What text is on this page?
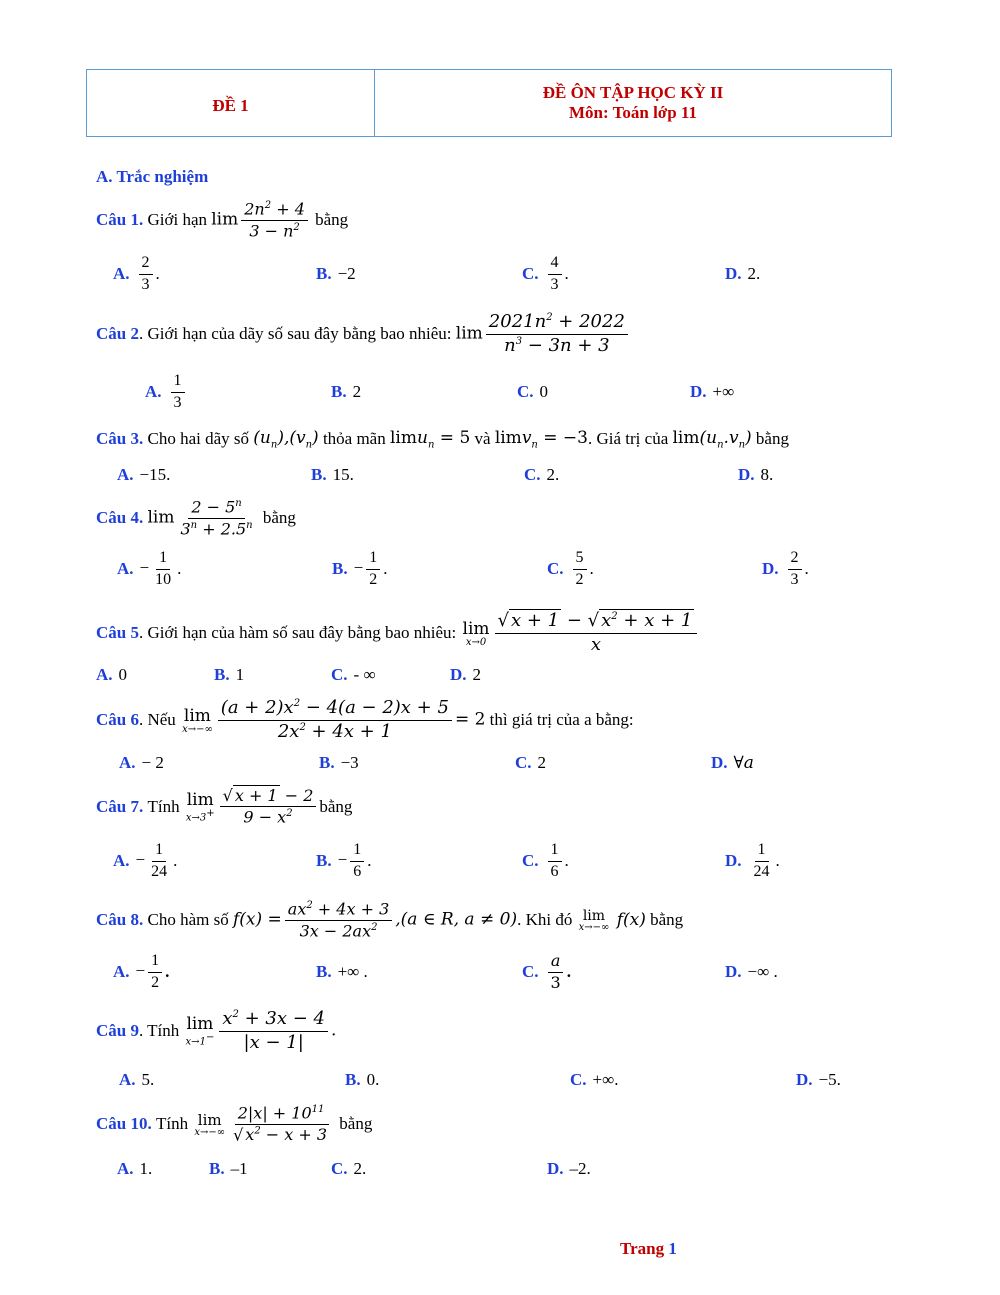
ĐỀ 1
ĐỀ ÔN TẬP HỌC KỲ II
Môn: Toán lớp 11
A. Trắc nghiệm
Câu 1.
Giới hạn
$\lim \frac{2n^2 + 4}{3 - n^2}$
bằng
A. $\frac{2}{3}$ .	B. −2	C. $\frac{4}{3}$ .	D. 2.
Câu 2 . Giới hạn của dãy số sau đây bằng bao nhiêu:
$\lim \frac{2021n^2 + 2022}{n^3 - 3n + 3}$
A. $\frac{1}{3}$	B. 2	C. 0	D. +∞
Câu 3.
Cho hai dãy số
$(u_n),(v_n)$
thỏa mãn
limu$_n$ = 5
và
limv$_n$ = −3 . Giá trị của
$\lim(u_n.v_n)$
bằng
A. −15.	B. 15.	C. 2.	D. 8.
Câu 4.
$\lim \frac{2 - 5^n}{3^n + 2.5^n}$
bằng
A. − $\frac{1}{10}$ .	B. − $\frac{1}{2}$ .	C. $\frac{5}{2}$ .	D. $\frac{2}{3}$ .
Câu 5 . Giới hạn của hàm số sau đây bằng bao nhiêu:
lim
$x\to 0 \frac{√ x + 1 - √ x^2 + x + 1}{x}$
A. 0	B. 1	C. - ∞	D. 2
Câu 6 . Nếu
lim
$x\to-\infty \frac{(a + 2)x^2 - 4(a - 2)x + 5}{2x^2 + 4x + 1} = 2$
thì giá trị của a bằng:
A. − 2	B. −3	C. 2	D. ∀a
Câu 7.
Tính
lim
$x\to 3^+ \frac{√ x + 1 - 2}{9 - x^2}$ bằng
A. − $\frac{1}{24}$ .	B. − $\frac{1}{6}$ .	C. $\frac{1}{6}$ .	D. $\frac{1}{24}$ .
Câu 8.
Cho hàm số
$f(x) = \frac{ax^2 + 4x + 3}{3x - 2ax^2} ,(a$ ∈ R, a ≠ 0) . Khi đó
lim
x→−∞ f(x)
bằng
A. − $\frac{1}{2}$ .	B. +∞ .	C. $\frac{a}{3}$ .	D. −∞ .
Câu 9 . Tính
lim
$x\to 1^- \frac{x^2 + 3x - 4}{|x - 1|}$ .
A. 5.	B. 0.	C. +∞.	D. −5.
Câu 10.
Tính
lim
$x\to-\infty \frac{2|x| + 10^{11}}{√ x^2 - x + 3}$
bằng
A. 1.	B. –1	C. 2.	D. –2.
Trang 1
